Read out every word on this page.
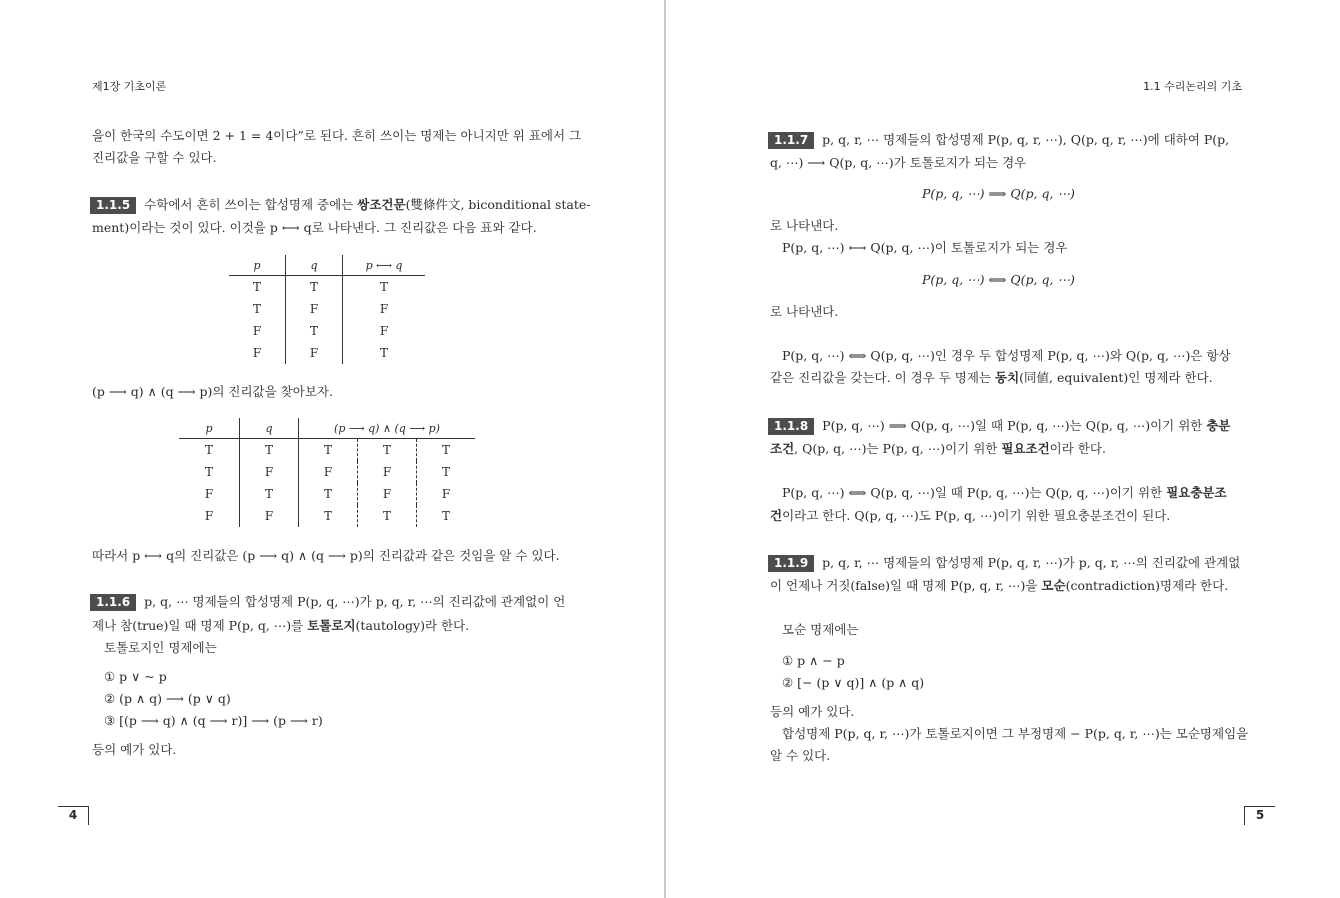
제1장 기초이론
을이 한국의 수도이면 2 + 1 = 4이다”로 된다. 흔히 쓰이는 명제는 아니지만 위 표에서 그
진리값을 구할 수 있다.
1.1.5 수학에서 흔히 쓰이는 합성명제 중에는 쌍조건문(雙條件文, biconditional state-
ment)이라는 것이 있다. 이것을 p ⟷ q로 나타낸다. 그 진리값은 다음 표와 같다.
p	q	p ⟷ q
T	T	T
T	F	F
F	T	F
F	F	T
(p ⟶ q) ∧ (q ⟶ p)의 진리값을 찾아보자.
p	q	(p ⟶ q) ∧ (q ⟶ p)		
T	T	T	T	T
T	F	F	F	T
F	T	T	F	F
F	F	T	T	T
따라서 p ⟷ q의 진리값은 (p ⟶ q) ∧ (q ⟶ p)의 진리값과 같은 것임을 알 수 있다.
1.1.6 p, q, ⋯ 명제들의 합성명제 P(p, q, ⋯)가 p, q, r, ⋯의 진리값에 관계없이 언
제나 참(true)일 때 명제 P(p, q, ⋯)를 토톨로지(tautology)라 한다.
토톨로지인 명제에는
① p ∨ ~ p
② (p ∧ q) ⟶ (p ∨ q)
③ [(p ⟶ q) ∧ (q ⟶ r)] ⟶ (p ⟶ r)
등의 예가 있다.
4
1.1 수리논리의 기초
1.1.7 p, q, r, ⋯ 명제들의 합성명제 P(p, q, r, ⋯), Q(p, q, r, ⋯)에 대하여 P(p,
q, ⋯) ⟶ Q(p, q, ⋯)가 토톨로지가 되는 경우
P(p, q, ⋯) ⟹ Q(p, q, ⋯)
로 나타낸다.
P(p, q, ⋯) ⟷ Q(p, q, ⋯)이 토톨로지가 되는 경우
P(p, q, ⋯) ⟺ Q(p, q, ⋯)
로 나타낸다.
P(p, q, ⋯) ⟺ Q(p, q, ⋯)인 경우 두 합성명제 P(p, q, ⋯)와 Q(p, q, ⋯)은 항상
같은 진리값을 갖는다. 이 경우 두 명제는 동치(同値, equivalent)인 명제라 한다.
1.1.8 P(p, q, ⋯) ⟹ Q(p, q, ⋯)일 때 P(p, q, ⋯)는 Q(p, q, ⋯)이기 위한 충분
조건, Q(p, q, ⋯)는 P(p, q, ⋯)이기 위한 필요조건이라 한다.
P(p, q, ⋯) ⟺ Q(p, q, ⋯)일 때 P(p, q, ⋯)는 Q(p, q, ⋯)이기 위한 필요충분조
건이라고 한다. Q(p, q, ⋯)도 P(p, q, ⋯)이기 위한 필요충분조건이 된다.
1.1.9 p, q, r, ⋯ 명제들의 합성명제 P(p, q, r, ⋯)가 p, q, r, ⋯의 진리값에 관계없
이 언제나 거짓(false)일 때 명제 P(p, q, r, ⋯)을 모순(contradiction)명제라 한다.
모순 명제에는
① p ∧ − p
② [− (p ∨ q)] ∧ (p ∧ q)
등의 예가 있다.
합성명제 P(p, q, r, ⋯)가 토톨로지이면 그 부정명제 − P(p, q, r, ⋯)는 모순명제임을
알 수 있다.
5
